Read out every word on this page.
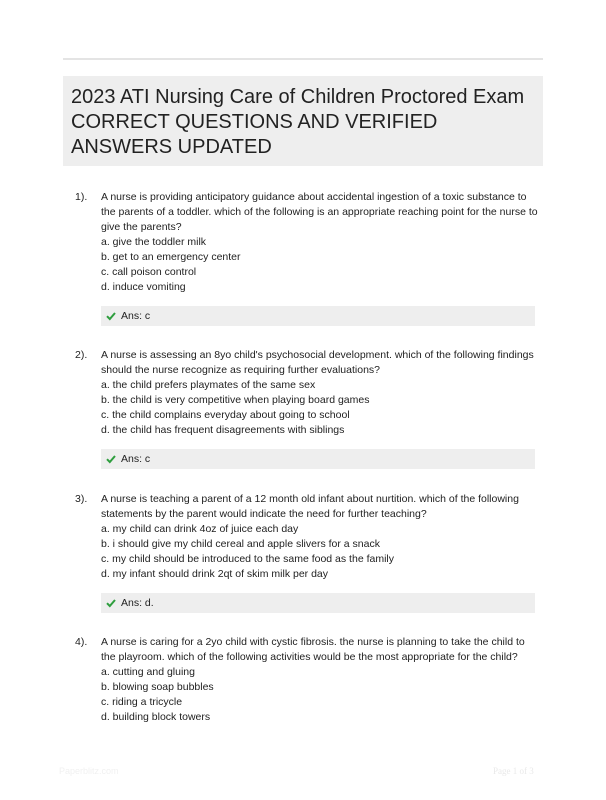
2023 ATI Nursing Care of Children Proctored Exam CORRECT QUESTIONS AND VERIFIED ANSWERS UPDATED
1). A nurse is providing anticipatory guidance about accidental ingestion of a toxic substance to the parents of a toddler. which of the following is an appropriate reaching point for the nurse to give the parents?

a. give the toddler milk

b. get to an emergency center

c. call poison control

d. induce vomiting

Ans: c
2). A nurse is assessing an 8yo child's psychosocial development. which of the following findings should the nurse recognize as requiring further evaluations?

a. the child prefers playmates of the same sex

b. the child is very competitive when playing board games

c. the child complains everyday about going to school

d. the child has frequent disagreements with siblings

Ans: c
3). A nurse is teaching a parent of a 12 month old infant about nurtition. which of the following statements by the parent would indicate the need for further teaching?

a. my child can drink 4oz of juice each day

b. i should give my child cereal and apple slivers for a snack

c. my child should be introduced to the same food as the family

d. my infant should drink 2qt of skim milk per day

Ans: d.
4). A nurse is caring for a 2yo child with cystic fibrosis. the nurse is planning to take the child to the playroom. which of the following activities would be the most appropriate for the child?

a. cutting and gluing

b. blowing soap bubbles

c. riding a tricycle

d. building block towers

Paperblitz.com	Page 1 of 3
